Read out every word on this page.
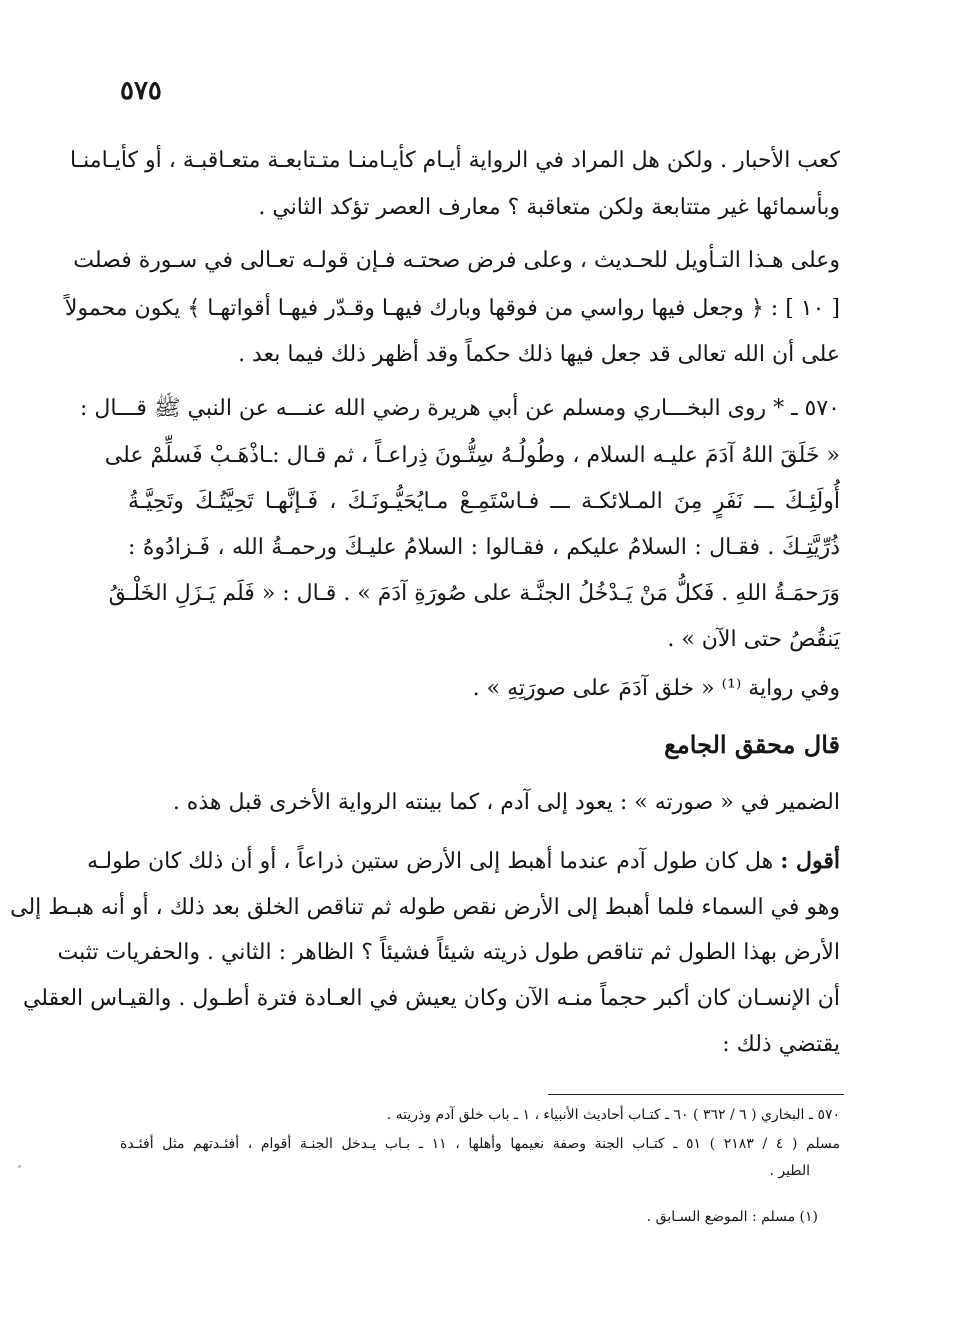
٥٧٥
كعب الأحبار . ولكن هل المراد في الرواية أيـام كأيـامنـا متـتابعـة متعـاقبـة ، أو كأيـامنـا
وبأسمائها غير متتابعة ولكن متعاقبة ؟ معارف العصر تؤكد الثاني .
وعلى هـذا التـأويل للحـديث ، وعلى فرض صحتـه فـإن قولـه تعـالى في سـورة فصلت
[ ١٠ ] : ﴿ وجعل فيها رواسي من فوقها وبارك فيهـا وقـدّر فيهـا أقواتهـا ﴾ يكون محمولاً
على أن الله تعالى قد جعل فيها ذلك حكماً وقد أظهر ذلك فيما بعد .
٥٧٠ ـ * روى البخـــاري ومسلم عن أبي هريرة رضي الله عنـــه عن النبي ﷺ قـــال :
« خَلَقَ اللهُ آدَمَ عليـه السلام ، وطُولُـهُ سِتُّـونَ ذِراعـاً ، ثم قـال :ـاذْهَـبْ فَسلِّمْ على
أُولَئِـكَ ـــ نَفَرٍ مِنَ المـلائكـة ـــ فـاسْتَمِـعْ مـايُحَيُّـونَـكَ ، فَـإنَّهـا تَحِيَّتُـكَ وتَحِيَّـةُ
ذُرِّيَّتِـكَ . فقـال : السلامُ عليكم ، فقـالوا : السلامُ عليـكَ ورحمـةُ الله ، فَـزادُوهُ :
وَرَحمَـةُ اللهِ . فَكلُّ مَنْ يَـدْخُلُ الجنَّـة على صُورَةِ آدَمَ » . قـال : « فَلَم يَـزَلِ الخَلْـقُ
يَنقُصُ حتى الآن » .
وفي رواية ⁽¹⁾ « خلق آدَمَ على صورَتِهِ » .
قال محقق الجامع
الضمير في « صورته » : يعود إلى آدم ، كما بينته الرواية الأخرى قبل هذه .
أقول : هل كان طول آدم عندما أهبط إلى الأرض ستين ذراعاً ، أو أن ذلك كان طولـه
وهو في السماء فلما أهبط إلى الأرض نقص طوله ثم تناقص الخلق بعد ذلك ، أو أنه هبـط إلى
الأرض بهذا الطول ثم تناقص طول ذريته شيئاً فشيئاً ؟ الظاهر : الثاني . والحفريات تثبت
أن الإنسـان كان أكبر حجماً منـه الآن وكان يعيش في العـادة فترة أطـول . والقيـاس العقلي
يقتضي ذلك :
٥٧٠ ـ البخاري ( ٦ / ٣٦٢ ) ٦٠ ـ كتـاب أحاديث الأنبياء ، ١ ـ باب خلق آدم وذريته .
مسلم ( ٤ / ٢١٨٣ ) ٥١ ـ كتـاب الجنة وصفة نعيمها وأهلها ، ١١ ـ بـاب يـدخل الجنـة أقوام ، أفئـدتهم مثل أفئـدة
الطير .
(١) مسلم : الموضع السـابق .
